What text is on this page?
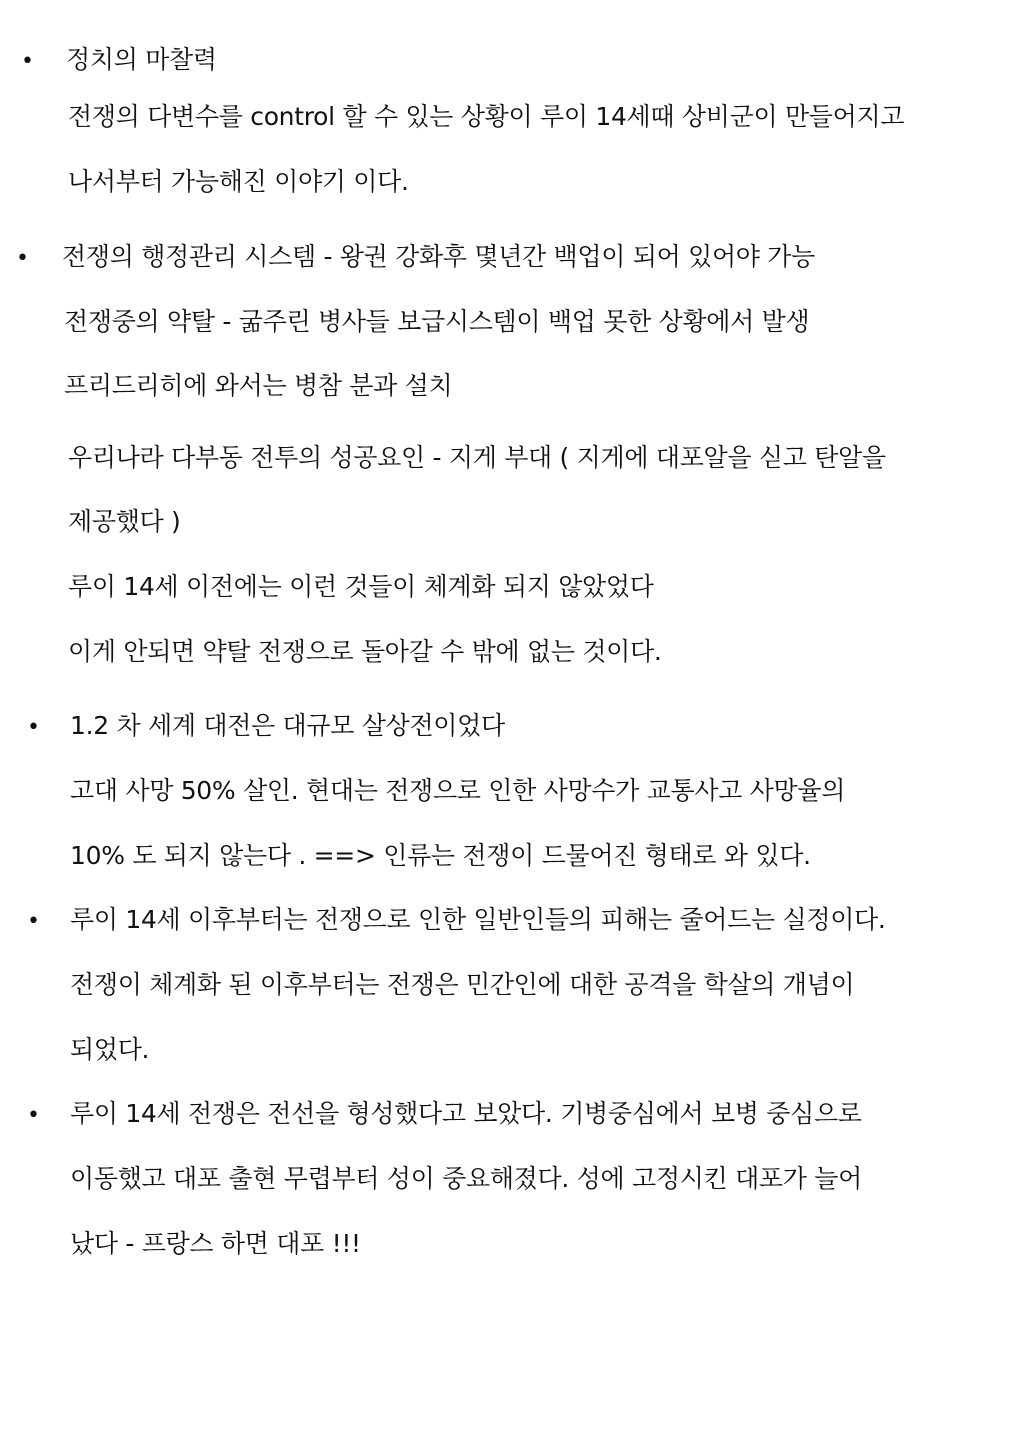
• 정치의 마찰력
전쟁의 다변수를 control 할 수 있는 상황이 루이 14세때 상비군이 만들어지고
나서부터 가능해진 이야기 이다.
• 전쟁의 행정관리 시스템 - 왕권 강화후 몇년간 백업이 되어 있어야 가능
전쟁중의 약탈 - 굶주린 병사들 보급시스템이 백업 못한 상황에서 발생
프리드리히에 와서는 병참 분과 설치
우리나라 다부동 전투의 성공요인 - 지게 부대 ( 지게에 대포알을 싣고 탄알을
제공했다 )
루이 14세 이전에는 이런 것들이 체계화 되지 않았었다
이게 안되면 약탈 전쟁으로 돌아갈 수 밖에 없는 것이다.
• 1.2 차 세계 대전은 대규모 살상전이었다
고대 사망 50% 살인. 현대는 전쟁으로 인한 사망수가 교통사고 사망율의
10% 도 되지 않는다 . ==> 인류는 전쟁이 드물어진 형태로 와 있다.
• 루이 14세 이후부터는 전쟁으로 인한 일반인들의 피해는 줄어드는 실정이다.
전쟁이 체계화 된 이후부터는 전쟁은 민간인에 대한 공격을 학살의 개념이
되었다.
• 루이 14세 전쟁은 전선을 형성했다고 보았다. 기병중심에서 보병 중심으로
이동했고 대포 출현 무렵부터 성이 중요해졌다. 성에 고정시킨 대포가 늘어
났다 - 프랑스 하면 대포 !!!
